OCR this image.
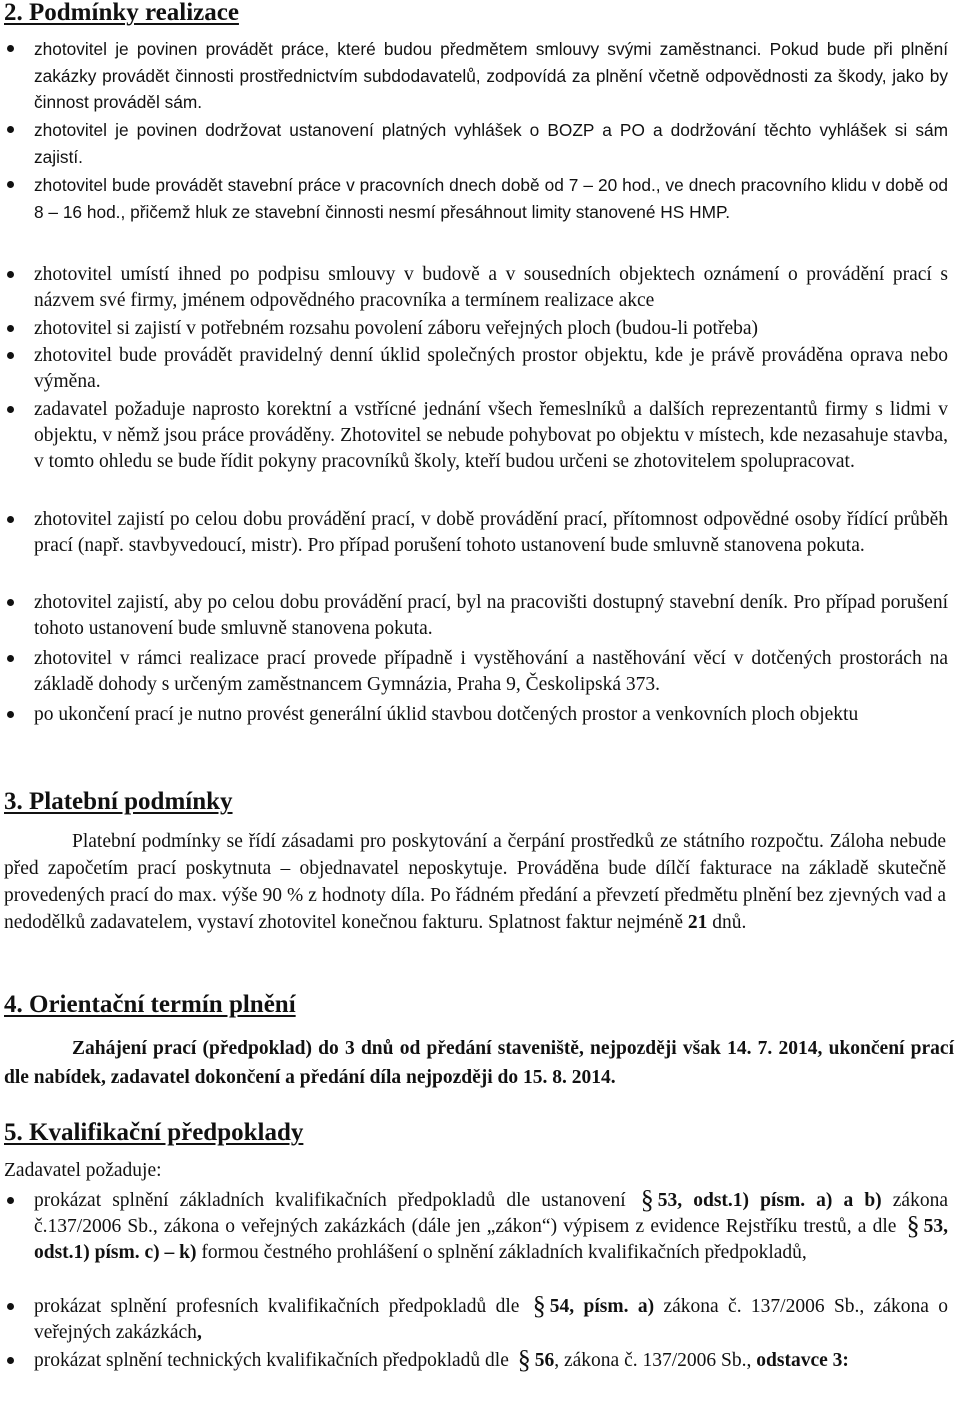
2. Podmínky realizace
zhotovitel je povinen provádět práce, které budou předmětem smlouvy svými zaměstnanci. Pokud bude při plnění zakázky provádět činnosti prostřednictvím subdodavatelů, zodpovídá za plnění včetně odpovědnosti za škody, jako by činnost prováděl sám.
zhotovitel je povinen dodržovat ustanovení platných vyhlášek o BOZP a PO a dodržování těchto vyhlášek si sám zajistí.
zhotovitel bude provádět stavební práce v pracovních dnech době od 7 – 20 hod., ve dnech pracovního klidu v době od 8 – 16 hod., přičemž hluk ze stavební činnosti nesmí přesáhnout limity stanovené HS HMP.
zhotovitel umístí ihned po podpisu smlouvy v budově a v sousedních objektech oznámení o provádění prací s názvem své firmy, jménem odpovědného pracovníka a termínem realizace akce
zhotovitel si zajistí v potřebném rozsahu povolení záboru veřejných ploch (budou-li potřeba)
zhotovitel bude provádět pravidelný denní úklid společných prostor objektu, kde je právě prováděna oprava nebo výměna.
zadavatel požaduje naprosto korektní a vstřícné jednání všech řemeslníků a dalších reprezentantů firmy s lidmi v objektu, v němž jsou práce prováděny. Zhotovitel se nebude pohybovat po objektu v místech, kde nezasahuje stavba, v tomto ohledu se bude řídit pokyny pracovníků školy, kteří budou určeni se zhotovitelem spolupracovat.
zhotovitel zajistí po celou dobu provádění prací, v době provádění prací, přítomnost odpovědné osoby řídící průběh prací (např. stavbyvedoucí, mistr). Pro případ porušení tohoto ustanovení bude smluvně stanovena pokuta.
zhotovitel zajistí, aby po celou dobu provádění prací, byl na pracovišti dostupný stavební deník. Pro případ porušení tohoto ustanovení bude smluvně stanovena pokuta.
zhotovitel v rámci realizace prací provede případně i vystěhování a nastěhování věcí v dotčených prostorách na základě dohody s určeným zaměstnancem Gymnázia, Praha 9, Českolipská 373.
po ukončení prací je nutno provést generální úklid stavbou dotčených prostor a venkovních ploch objektu
3. Platební podmínky

Platební podmínky se řídí zásadami pro poskytování a čerpání prostředků ze státního rozpočtu. Záloha nebude před započetím prací poskytnuta – objednavatel neposkytuje. Prováděna bude dílčí fakturace na základě skutečně provedených prací do max. výše 90 % z hodnoty díla. Po řádném předání a převzetí předmětu plnění bez zjevných vad a nedodělků zadavatelem, vystaví zhotovitel konečnou fakturu. Splatnost faktur nejméně 21 dnů.

4. Orientační termín plnění

Zahájení prací (předpoklad) do 3 dnů od předání staveniště, nejpozději však 14. 7. 2014, ukončení prací dle nabídek, zadavatel dokončení a předání díla nejpozději do 15. 8. 2014.

5. Kvalifikační předpoklady

Zadavatel požaduje:

prokázat splnění základních kvalifikačních předpokladů dle ustanovení § 53, odst.1) písm. a) a b) zákona č.137/2006 Sb., zákona o veřejných zakázkách (dále jen „zákon“) výpisem z evidence Rejstříku trestů, a dle § 53, odst.1) písm. c) – k) formou čestného prohlášení o splnění základních kvalifikačních předpokladů,
prokázat splnění profesních kvalifikačních předpokladů dle § 54, písm. a) zákona č. 137/2006 Sb., zákona o veřejných zakázkách,
prokázat splnění technických kvalifikačních předpokladů dle § 56, zákona č. 137/2006 Sb., odstavce 3:
